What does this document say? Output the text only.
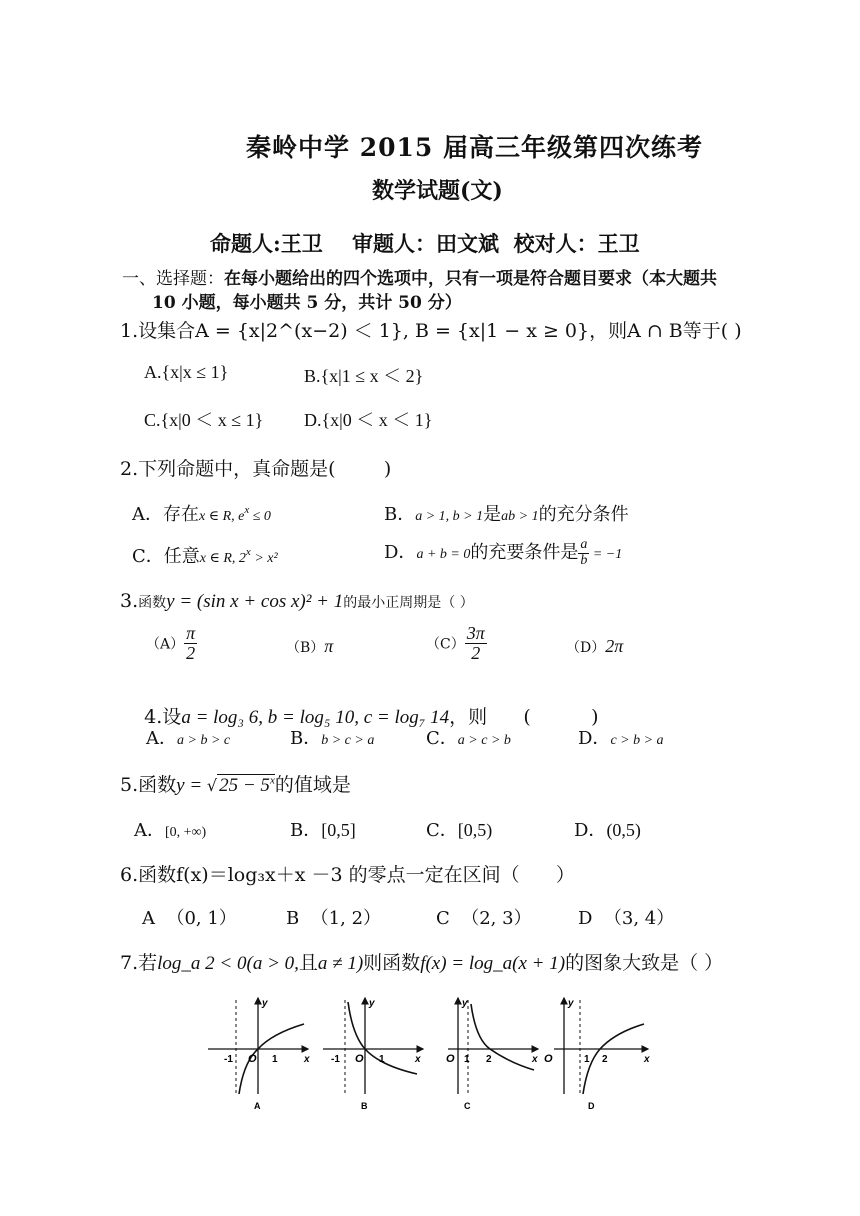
秦岭中学 2015 届高三年级第四次练考
数学试题(文)
命题人:王卫    审题人：田文斌  校对人：王卫
一、选择题：在每小题给出的四个选项中，只有一项是符合题目要求（本大题共
10 小题，每小题共 5 分，共计 50 分）
1.设集合A = {x|2^(x−2) ＜ 1}, B = {x|1 − x ≥ 0}，则A ∩ B等于( )
A.{x|x ≤ 1}	B.{x|1 ≤ x ＜ 2}
C.{x|0 ＜ x ≤ 1} D.{x|0 ＜ x ＜ 1}
2.下列命题中，真命题是(        )
A．存在x ∈ R, $e^x \le 0$	B．a > 1, b > 1是ab > 1的充分条件
C．任意x ∈ R, $2^x > x^2$	D．a + b = 0的充要条件是 $\frac{a}{b} = -1$
3.函数y = (sin x + cos x)² + 1的最小正周期是（ ）
$(A) \frac{\pi}{2}$	（B）π	$(C) \frac{3\pi}{2}$	（D）2π

4.设a = log₃ 6, b = log₅ 10, c = log₇ 14，则      (          )

A．a > b > c	B．b > c > a	C．a > c > b	D．c > b > a
5.函数y = √ $25 - 5^x$的值域是
A．[0, +∞)	B．[0,5]	C．[0,5)	D．(0,5)
6.函数f(x)＝log₃x＋x －3 的零点一定在区间（      ）
A  （0, 1）	B  （1, 2）	C  （2, 3）	D  （3, 4）
7.若log_a 2 < 0(a > 0,且a ≠ 1)则函数f(x) = log_a(x + 1)的图象大致是（ ）
-1 O 1	x
y
A
-1 O 1	x
y
B
O 1 2	x
y
C
O	1 2	x
y
D
